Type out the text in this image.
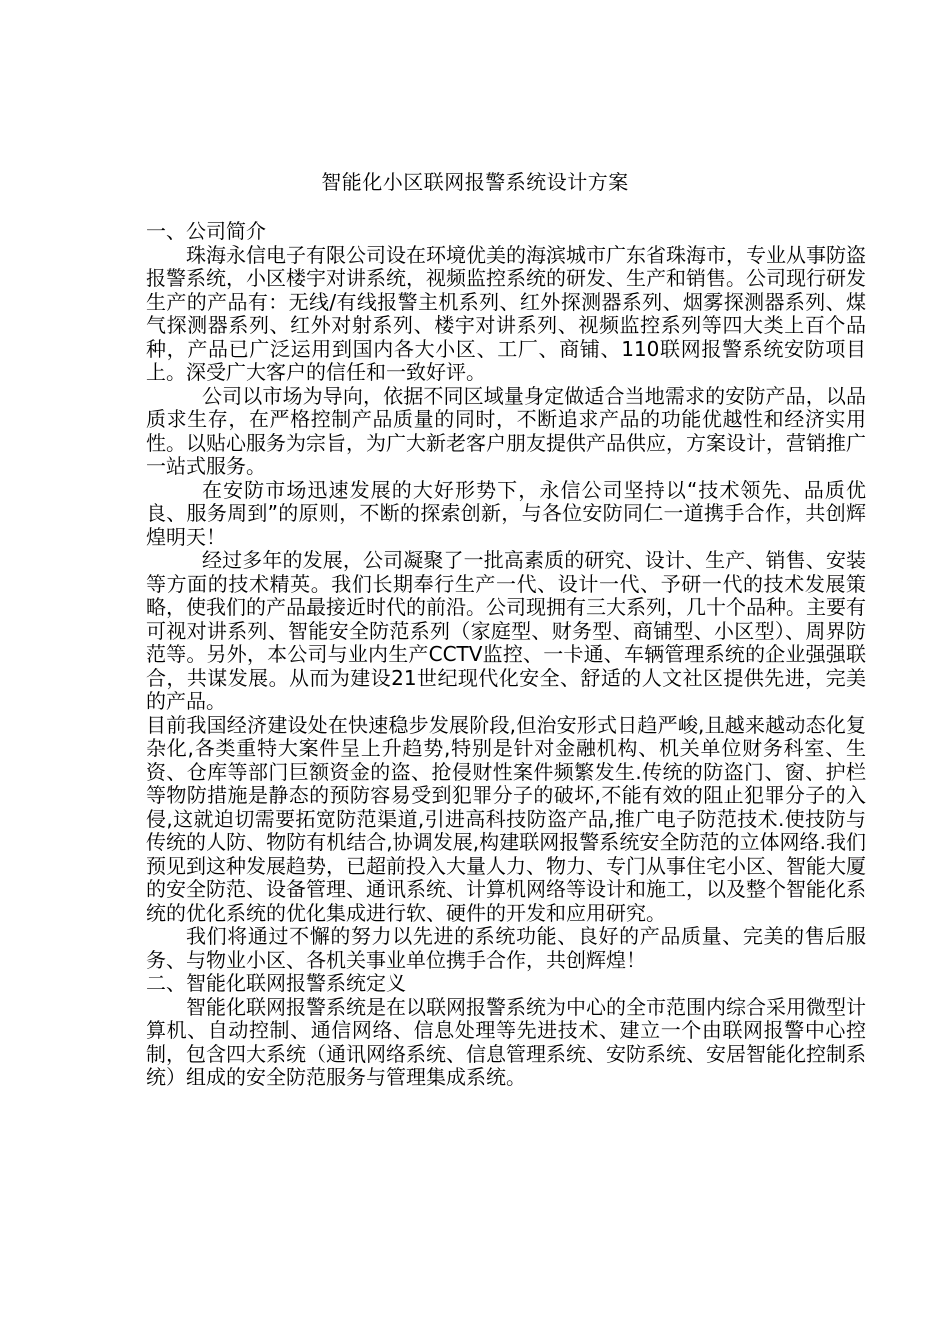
智能化小区联网报警系统设计方案

一、公司简介

珠海永信电子有限公司设在环境优美的海滨城市广东省珠海市，专业从事防盗报警系统，小区楼宇对讲系统，视频监控系统的研发、生产和销售。公司现行研发生产的产品有：无线/有线报警主机系列、红外探测器系列、烟雾探测器系列、煤气探测器系列、红外对射系列、楼宇对讲系列、视频监控系列等四大类上百个品种，产品已广泛运用到国内各大小区、工厂、商铺、110联网报警系统安防项目上。深受广大客户的信任和一致好评。

公司以市场为导向，依据不同区域量身定做适合当地需求的安防产品，以品质求生存，在严格控制产品质量的同时，不断追求产品的功能优越性和经济实用性。以贴心服务为宗旨，为广大新老客户朋友提供产品供应，方案设计，营销推广一站式服务。

在安防市场迅速发展的大好形势下，永信公司坚持以“技术领先、品质优良、服务周到”的原则，不断的探索创新，与各位安防同仁一道携手合作，共创辉煌明天！

经过多年的发展，公司凝聚了一批高素质的研究、设计、生产、销售、安装等方面的技术精英。我们长期奉行生产一代、设计一代、予研一代的技术发展策略，使我们的产品最接近时代的前沿。公司现拥有三大系列，几十个品种。主要有可视对讲系列、智能安全防范系列（家庭型、财务型、商铺型、小区型）、周界防范等。另外，本公司与业内生产CCTV监控、一卡通、车辆管理系统的企业强强联合，共谋发展。从而为建设21世纪现代化安全、舒适的人文社区提供先进，完美的产品。

目前我国经济建设处在快速稳步发展阶段,但治安形式日趋严峻,且越来越动态化复杂化,各类重特大案件呈上升趋势,特别是针对金融机构、机关单位财务科室、生资、仓库等部门巨额资金的盗、抢侵财性案件频繁发生.传统的防盗门、窗、护栏等物防措施是静态的预防容易受到犯罪分子的破坏,不能有效的阻止犯罪分子的入侵,这就迫切需要拓宽防范渠道,引进高科技防盗产品,推广电子防范技术.使技防与传统的人防、物防有机结合,协调发展,构建联网报警系统安全防范的立体网络.我们预见到这种发展趋势，已超前投入大量人力、物力、专门从事住宅小区、智能大厦的安全防范、设备管理、通讯系统、计算机网络等设计和施工，以及整个智能化系统的优化系统的优化集成进行软、硬件的开发和应用研究。

我们将通过不懈的努力以先进的系统功能、良好的产品质量、完美的售后服务、与物业小区、各机关事业单位携手合作，共创辉煌！

二、智能化联网报警系统定义

智能化联网报警系统是在以联网报警系统为中心的全市范围内综合采用微型计算机、自动控制、通信网络、信息处理等先进技术、建立一个由联网报警中心控制，包含四大系统（通讯网络系统、信息管理系统、安防系统、安居智能化控制系统）组成的安全防范服务与管理集成系统。
